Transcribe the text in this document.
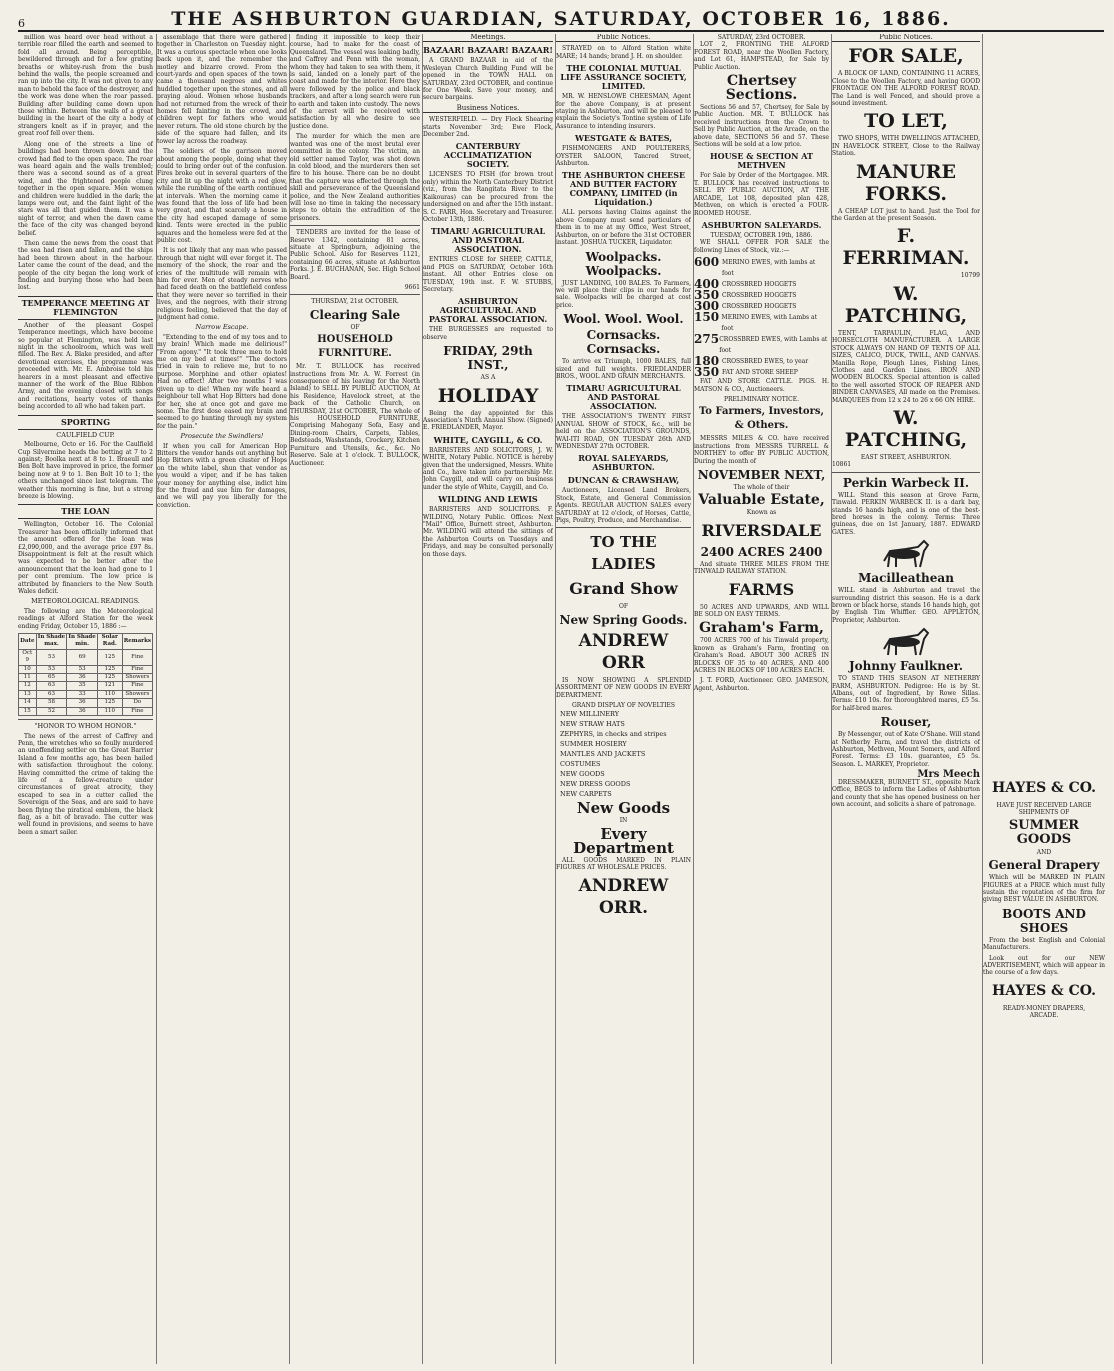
6	THE ASHBURTON GUARDIAN, SATURDAY, OCTOBER 16, 1886.

million was heard over head without a terrible roar filled the earth and seemed to fold all around. Being perceptible, bewildered through and for a few grating breaths or whitey-rush from the bush behind the walls, the people screamed and ran up into the city. It was not given to any man to behold the face of the destroyer, and the work was done when the roar passed. Building after building came down upon those within. Between the walls of a great building in the heart of the city a body of strangers knelt as if in prayer, and the great roof fell over them.

Along one of the streets a line of buildings had been thrown down and the crowd had fled to the open space. The roar was heard again and the walls trembled; there was a second sound as of a great wind, and the frightened people clung together in the open square. Men women and children were huddled in the dark; the lamps were out, and the faint light of the stars was all that guided them. It was a night of terror, and when the dawn came the face of the city was changed beyond belief.

Then came the news from the coast that the sea had risen and fallen, and the ships had been thrown about in the harbour. Later came the count of the dead, and the people of the city began the long work of finding and burying those who had been lost.

TEMPERANCE MEETING AT FLEMINGTON

Another of the pleasant Gospel Temperance meetings, which have become so popular at Flemington, was held last night in the schoolroom, which was well filled. The Rev. A. Blake presided, and after devotional exercises, the programme was proceeded with. Mr. E. Ambroise told his hearers in a most pleasant and effective manner of the work of the Blue Ribbon Army, and the evening closed with songs and recitations, hearty votes of thanks being accorded to all who had taken part.

SPORTING
CAULFIELD CUP.

Melbourne, Octo er 16. For the Caulfield Cup Silvermine heads the betting at 7 to 2 against; Boolka next at 8 to 1. Braeull and Ben Bolt have improved in price, the former being now at 9 to 1. Ben Bolt 10 to 1; the others unchanged since last telegram. The weather this morning is fine, but a strong breeze is blowing.

THE LOAN

Wellington, October 16. The Colonial Treasurer has been officially informed that the amount offered for the loan was £2,090,000, and the average price £97 8s. Disappointment is felt at the result which was expected to be better after the announcement that the loan had gone to 1 per cent premium. The low price is attributed by financiers to the New South Wales deficit.

METEOROLOGICAL READINGS.

The following are the Meteorological readings at Alford Station for the week ending Friday, October 15, 1886 :—

Date	In Shade max.	In Shade min.	Solar Rad.	Remarks
Oct 9	53	69	125	Fine
10	53	53	125	Fine
11	65	36	125	Showers
12	63	35	121	Fine
13	63	33	110	Showers
14	58	36	125	Do
15	52	36	110	Fine
"HONOR TO WHOM HONOR."

The news of the arrest of Caffrey and Penn, the wretches who so foully murdered an unoffending settler on the Great Barrier Island a few months ago, has been hailed with satisfaction throughout the colony. Having committed the crime of taking the life of a fellow-creature under circumstances of great atrocity, they escaped to sea in a cutter called the Sovereign of the Seas, and are said to have been flying the piratical emblem, the black flag, as a bit of bravado. The cutter was well found in provisions, and seems to have been a smart sailer.

assemblage that there were gathered together in Charleston on Tuesday night. It was a curious spectacle when one looks back upon it, and the remember the motley and bizarre crowd. From the court-yards and open spaces of the town came a thousand negroes and whites huddled together upon the stones, and all praying aloud. Women whose husbands had not returned from the wreck of their homes fell fainting in the crowd, and children wept for fathers who would never return. The old stone church by the side of the square had fallen, and its tower lay across the roadway.

The soldiers of the garrison moved about among the people, doing what they could to bring order out of the confusion. Fires broke out in several quarters of the city and lit up the night with a red glow, while the rumbling of the earth continued at intervals. When the morning came it was found that the loss of life had been very great, and that scarcely a house in the city had escaped damage of some kind. Tents were erected in the public squares and the homeless were fed at the public cost.

It is not likely that any man who passed through that night will ever forget it. The memory of the shock, the roar and the cries of the multitude will remain with him for ever. Men of steady nerves who had faced death on the battlefield confess that they were never so terrified in their lives, and the negroes, with their strong religious feeling, believed that the day of judgment had come.

Narrow Escape.

"Extending to the end of my toes and to my brain! Which made me delirious!" "From agony." "It took three men to hold me on my bed at times!" "The doctors tried in vain to relieve me, but to no purpose. Morphine and other opiates! Had no effect! After two months I was given up to die! When my wife heard a neighbour tell what Hop Bitters had done for her, she at once got and gave me some. The first dose eased my brain and seemed to go hunting through my system for the pain."

Prosecute the Swindlers!

If when you call for American Hop Bitters the vendor hands out anything but Hop Bitters with a green cluster of Hops on the white label, shun that vendor as you would a viper, and if he has taken your money for anything else, indict him for the fraud and sue him for damages, and we will pay you liberally for the conviction.

finding it impossible to keep their course, had to make for the coast of Queensland. The vessel was leaking badly, and Caffrey and Penn with the woman, whom they had taken to sea with them, it is said, landed on a lonely part of the coast and made for the interior. Here they were followed by the police and black trackers, and after a long search were run to earth and taken into custody. The news of the arrest will be received with satisfaction by all who desire to see justice done.

The murder for which the men are wanted was one of the most brutal ever committed in the colony. The victim, an old settler named Taylor, was shot down in cold blood, and the murderers then set fire to his house. There can be no doubt that the capture was effected through the skill and perseverance of the Queensland police, and the New Zealand authorities will lose no time in taking the necessary steps to obtain the extradition of the prisoners.

TENDERS are invited for the lease of Reserve 1342, containing 81 acres, situate at Springburn, adjoining the Public School. Also for Reserves 1121, containing 66 acres, situate at Ashburton Forks. J. E. BUCHANAN, Sec. High School Board.

9661
THURSDAY, 21st OCTOBER.
Clearing Sale
OF
HOUSEHOLD FURNITURE.

Mr. T. BULLOCK has received instructions from Mr. A. W. Forrest (in consequence of his leaving for the North Island) to SELL BY PUBLIC AUCTION, At his Residence, Havelock street, at the back of the Catholic Church, on THURSDAY, 21st OCTOBER, The whole of his HOUSEHOLD FURNITURE, Comprising Mahogany Sofa, Easy and Dining-room Chairs, Carpets, Tables, Bedsteads, Washstands, Crockery, Kitchen Furniture and Utensils, &c., &c. No Reserve. Sale at 1 o'clock. T. BULLOCK, Auctioneer.

Meetings.
BAZAAR! BAZAAR! BAZAAR!

A GRAND BAZAAR in aid of the Wesleyan Church Building Fund will be opened in the TOWN HALL on SATURDAY, 23rd OCTOBER, and continue for One Week. Save your money, and secure bargains.

Business Notices.

WESTERFIELD. — Dry Flock Shearing starts November 3rd; Ewe Flock, December 2nd.

CANTERBURY ACCLIMATIZATION SOCIETY.

LICENSES TO FISH (for brown trout only) within the North Canterbury District (viz., from the Rangitata River to the Kaikouras) can be procured from the undersigned on and after the 15th instant. S. C. FARR, Hon. Secretary and Treasurer. October 13th, 1886.

TIMARU AGRICULTURAL AND PASTORAL ASSOCIATION.

ENTRIES CLOSE for SHEEP, CATTLE, and PIGS on SATURDAY, October 16th instant. All other Entries close on TUESDAY, 19th inst. F. W. STUBBS, Secretary.

ASHBURTON AGRICULTURAL AND PASTORAL ASSOCIATION.

THE BURGESSES are requested to observe

FRIDAY, 29th INST.,
AS A
HOLIDAY

Being the day appointed for this Association's Ninth Annual Show. (Signed) E. FRIEDLANDER, Mayor.

WHITE, CAYGILL, & CO.

BARRISTERS AND SOLICITORS, J. W. WHITE, Notary Public. NOTICE is hereby given that the undersigned, Messrs. White and Co., have taken into partnership Mr. John Caygill, and will carry on business under the style of White, Caygill, and Co.

WILDING AND LEWIS

BARRISTERS AND SOLICITORS. F. WILDING, Notary Public. Offices: Next "Mail" Office, Burnett street, Ashburton. Mr. WILDING will attend the sittings of the Ashburton Courts on Tuesdays and Fridays, and may be consulted personally on those days.

Public Notices.

STRAYED on to Alford Station white MARE; 14 hands; brand J. H. on shoulder.

THE COLONIAL MUTUAL LIFE ASSURANCE SOCIETY, LIMITED.

MR. W. HENSLOWE CHEESMAN, Agent for the above Company, is at present staying in Ashburton, and will be pleased to explain the Society's Tontine system of Life Assurance to intending insurers.

WESTGATE & BATES,

FISHMONGERS AND POULTERERS, OYSTER SALOON, Tancred Street, Ashburton.

THE ASHBURTON CHEESE AND BUTTER FACTORY COMPANY, LIMITED (in Liquidation.)

ALL persons having Claims against the above Company must send particulars of them in to me at my Office, West Street, Ashburton, on or before the 31st OCTOBER instant. JOSHUA TUCKER, Liquidator.

Woolpacks. Woolpacks.

JUST LANDING, 100 BALES. To Farmers, we will place their clips in our hands for sale. Woolpacks will be charged at cost price.

Wool. Wool. Wool.
Cornsacks. Cornsacks.

To arrive ex Triumph, 1000 BALES, full sized and full weights. FRIEDLANDER BROS., WOOL AND GRAIN MERCHANTS.

TIMARU AGRICULTURAL AND PASTORAL ASSOCIATION.

THE ASSOCIATION'S TWENTY FIRST ANNUAL SHOW of STOCK, &c., will be held on the ASSOCIATION'S GROUNDS, WAI-ITI ROAD, ON TUESDAY 26th AND WEDNESDAY 27th OCTOBER.

ROYAL SALEYARDS, ASHBURTON.
DUNCAN & CRAWSHAW,

Auctioneers, Licensed Land Brokers, Stock, Estate, and General Commission Agents. REGULAR AUCTION SALES every SATURDAY at 12 o'clock, of Horses, Cattle, Pigs, Poultry, Produce, and Merchandise.

TO THE LADIES
Grand Show
OF
New Spring Goods.
ANDREW ORR

IS NOW SHOWING A SPLENDID ASSORTMENT OF NEW GOODS IN EVERY DEPARTMENT.

GRAND DISPLAY OF NOVELTIES
NEW MILLINERY
NEW STRAW HATS
ZEPHYRS, in checks and stripes
SUMMER HOSIERY
MANTLES AND JACKETS
COSTUMES
NEW GOODS
NEW DRESS GOODS
NEW CARPETS
New Goods
IN
Every Department

ALL GOODS MARKED IN PLAIN FIGURES AT WHOLESALE PRICES.

ANDREW ORR.
SATURDAY, 23rd OCTOBER.

LOT 2, FRONTING THE ALFORD FOREST ROAD, near the Woollen Factory, and Lot 61, HAMPSTEAD, for Sale by Public Auction.

Chertsey Sections.

Sections 56 and 57, Chertsey, for Sale by Public Auction. MR. T. BULLOCK has received instructions from the Crown to Sell by Public Auction, at the Arcade, on the above date, SECTIONS 56 and 57. These Sections will be sold at a low price.

HOUSE & SECTION AT METHVEN

For Sale by Order of the Mortgagee. MR. T. BULLOCK has received instructions to SELL BY PUBLIC AUCTION, AT THE ARCADE, Lot 108, deposited plan 428, Methven, on which is erected a FOUR-ROOMED HOUSE.

ASHBURTON SALEYARDS.
TUESDAY, OCTOBER 19th, 1886.

WE SHALL OFFER FOR SALE the following Lines of Stock, viz.:—

600 MERINO EWES, with lambs at foot
400 CROSSBRED HOGGETS
350 CROSSBRED HOGGETS
300 CROSSBRED HOGGETS
150 MERINO EWES, with Lambs at foot
275 CROSSBRED EWES, with Lambs at foot
180 CROSSBRED EWES, to year
350 FAT AND STORE SHEEP

FAT AND STORE CATTLE. PIGS. H. MATSON & CO., Auctioneers.

PRELIMINARY NOTICE.
To Farmers, Investors, & Others.

MESSRS MILES & CO. have received instructions from MESSRS TURRELL & NORTHEY to offer BY PUBLIC AUCTION, During the month of

NOVEMBER NEXT,
The whole of their
Valuable Estate,
Known as
RIVERSDALE
2400 ACRES 2400

And situate THREE MILES FROM THE TINWALD RAILWAY STATION.

FARMS

50 ACRES AND UPWARDS, AND WILL BE SOLD ON EASY TERMS.

Graham's Farm,

700 ACRES 700 of his Tinwald property, known as Graham's Farm, fronting on Graham's Road. ABOUT 300 ACRES IN BLOCKS OF 35 to 40 ACRES, AND 400 ACRES IN BLOCKS OF 100 ACRES EACH.

J. T. FORD, Auctioneer. GEO. JAMESON, Agent, Ashburton.

Public Notices.
FOR SALE,

A BLOCK OF LAND, CONTAINING 11 ACRES, Close to the Woollen Factory, and having GOOD FRONTAGE ON THE ALFORD FOREST ROAD. The Land is well Fenced, and should prove a sound investment.

TO LET,

TWO SHOPS, WITH DWELLINGS ATTACHED, IN HAVELOCK STREET, Close to the Railway Station.

MANURE FORKS.

A CHEAP LOT just to hand. Just the Tool for the Garden at the present Season.

F. FERRIMAN.
10799
W. PATCHING,

TENT, TARPAULIN, FLAG, AND HORSECLOTH MANUFACTURER. A LARGE STOCK ALWAYS ON HAND OF TENTS OF ALL SIZES, CALICO, DUCK, TWILL, AND CANVAS. Manilla Rope, Plough Lines, Fishing Lines, Clothes and Garden Lines. IRON AND WOODEN BLOCKS. Special attention is called to the well assorted STOCK OF REAPER AND BINDER CANVASES, All made on the Premises. MARQUEES from 12 x 24 to 26 x 66 ON HIRE.

W. PATCHING,
EAST STREET, ASHBURTON.
10861
Perkin Warbeck II.

WILL Stand this season at Grove Farm, Tinwald. PERKIN WARBECK II. is a dark bay, stands 16 hands high, and is one of the best-bred horses in the colony. Terms: Three guineas, due on 1st January, 1887. EDWARD GATES.

Macilleathean

WILL stand in Ashburton and travel the surrounding district this season. He is a dark brown or black horse, stands 16 hands high, got by English Tim Whiffler. GEO. APPLETON, Proprietor, Ashburton.

Johnny Faulkner.

TO STAND THIS SEASON AT NETHERBY FARM, ASHBURTON. Pedigree: He is by St. Albans, out of Ingredient, by Rowe Sillas. Terms: £10 10s. for thoroughbred mares, £5 5s. for half-bred mares.

Rouser,

By Messenger, out of Kate O'Shane. Will stand at Netherby Farm, and travel the districts of Ashburton, Methven, Mount Somers, and Alford Forest. Terms: £3 10s. guarantee, £5 5s. Season. L. MARKEY, Proprietor.

Mrs Meech

DRESSMAKER, BURNETT ST., opposite Mark Office, BEGS to inform the Ladies of Ashburton and county that she has opened business on her own account, and solicits a share of patronage.

HAYES & CO.
HAVE JUST RECEIVED LARGE SHIPMENTS OF
SUMMER GOODS
AND
General Drapery

Which will be MARKED IN PLAIN FIGURES at a PRICE which must fully sustain the reputation of the firm for giving BEST VALUE IN ASHBURTON.

BOOTS AND SHOES

From the best English and Colonial Manufacturers.

Look out for our NEW ADVERTISEMENT, which will appear in the course of a few days.

HAYES & CO.
READY-MONEY DRAPERS,
ARCADE.
